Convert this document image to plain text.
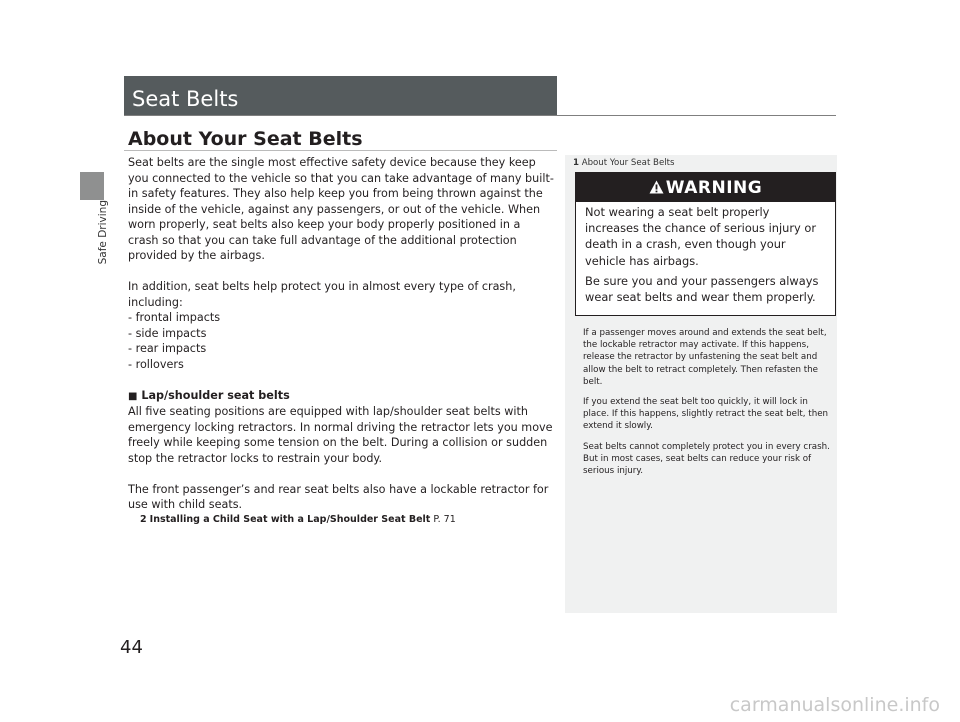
Safe Driving
Seat Belts
About Your Seat Belts

Seat belts are the single most effective safety device because they keep you connected to the vehicle so that you can take advantage of many built-in safety features. They also help keep you from being thrown against the inside of the vehicle, against any passengers, or out of the vehicle. When worn properly, seat belts also keep your body properly positioned in a crash so that you can take full advantage of the additional protection provided by the airbags.

In addition, seat belts help protect you in almost every type of crash, including:

- frontal impacts
- side impacts
- rear impacts
- rollovers
■ Lap/shoulder seat belts

All five seating positions are equipped with lap/shoulder seat belts with emergency locking retractors. In normal driving the retractor lets you move freely while keeping some tension on the belt. During a collision or sudden stop the retractor locks to restrain your body.

The front passenger’s and rear seat belts also have a lockable retractor for use with child seats.

2 Installing a Child Seat with a Lap/Shoulder Seat Belt P. 71
1 About Your Seat Belts
WARNING

Not wearing a seat belt properly increases the chance of serious injury or death in a crash, even though your vehicle has airbags.

Be sure you and your passengers always wear seat belts and wear them properly.

If a passenger moves around and extends the seat belt, the lockable retractor may activate. If this happens, release the retractor by unfastening the seat belt and allow the belt to retract completely. Then refasten the belt.

If you extend the seat belt too quickly, it will lock in place. If this happens, slightly retract the seat belt, then extend it slowly.

Seat belts cannot completely protect you in every crash. But in most cases, seat belts can reduce your risk of serious injury.

44
carmanualsonline.info
